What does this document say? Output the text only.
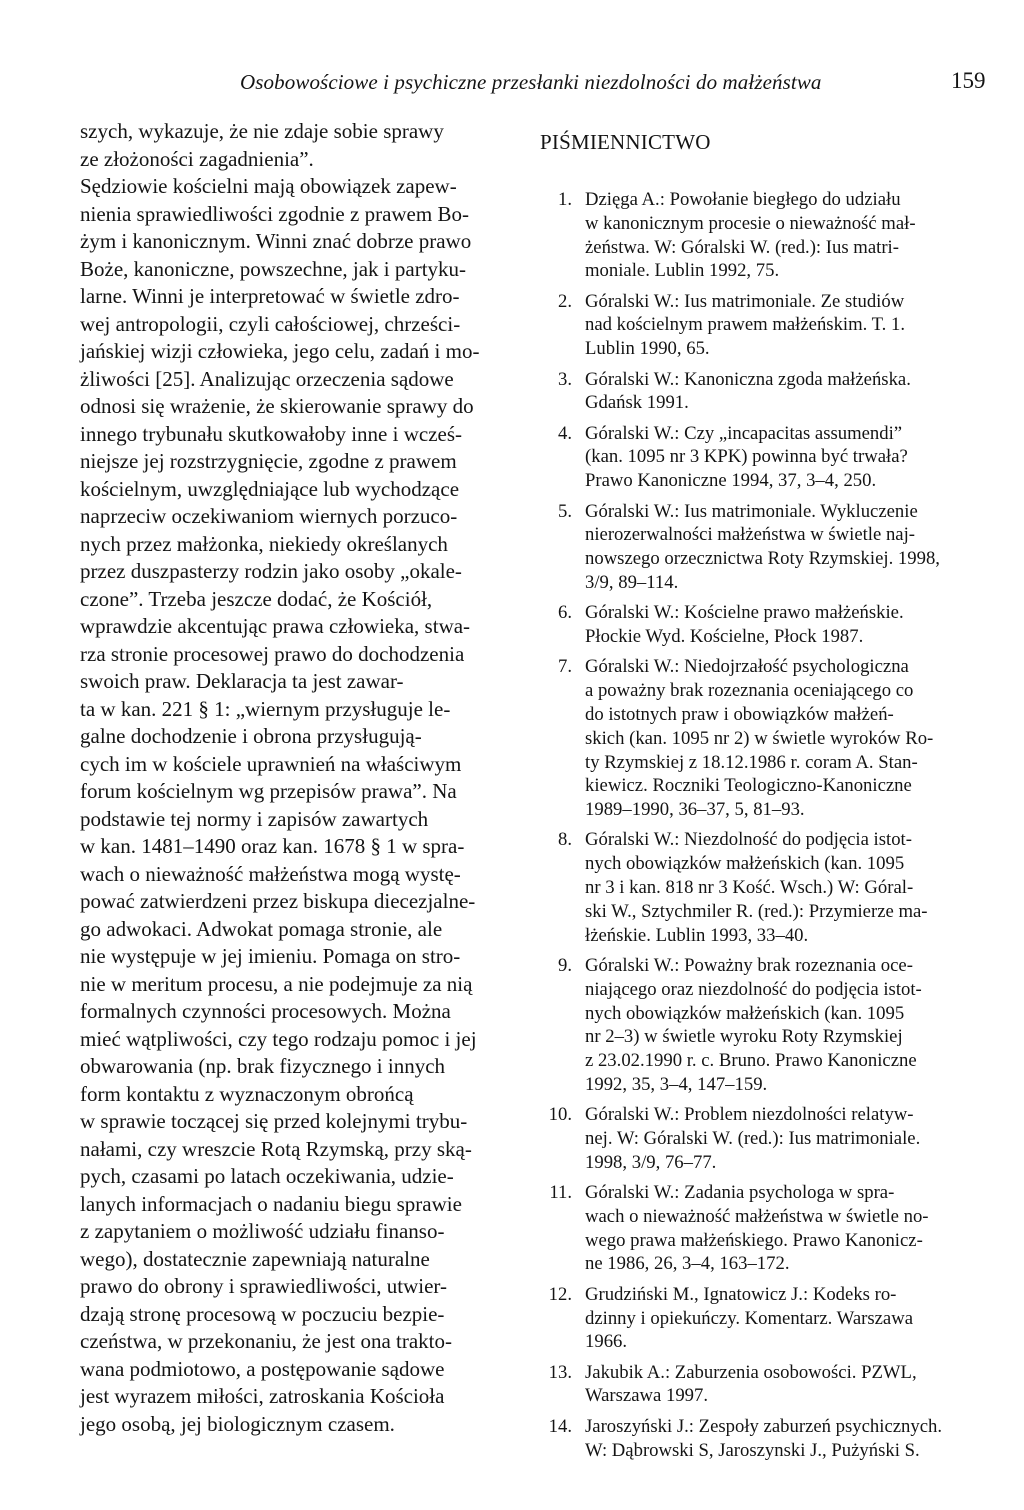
Osobowościowe i psychiczne przesłanki niezdolności do małżeństwa	159
szych, wykazuje, że nie zdaje sobie sprawy
ze złożoności zagadnienia”.
Sędziowie kościelni mają obowiązek zapew-
nienia sprawiedliwości zgodnie z prawem Bo-
żym i kanonicznym. Winni znać dobrze prawo
Boże, kanoniczne, powszechne, jak i partyku-
larne. Winni je interpretować w świetle zdro-
wej antropologii, czyli całościowej, chrześci-
jańskiej wizji człowieka, jego celu, zadań i mo-
żliwości [25]. Analizując orzeczenia sądowe
odnosi się wrażenie, że skierowanie sprawy do
innego trybunału skutkowałoby inne i wcześ-
niejsze jej rozstrzygnięcie, zgodne z prawem
kościelnym, uwzględniające lub wychodzące
naprzeciw oczekiwaniom wiernych porzuco-
nych przez małżonka, niekiedy określanych
przez duszpasterzy rodzin jako osoby „okale-
czone”. Trzeba jeszcze dodać, że Kościół,
wprawdzie akcentując prawa człowieka, stwa-
rza stronie procesowej prawo do dochodzenia
swoich praw. Deklaracja ta jest zawar-
ta w kan. 221 § 1: „wiernym przysługuje le-
galne dochodzenie i obrona przysługują-
cych im w kościele uprawnień na właściwym
forum kościelnym wg przepisów prawa”. Na
podstawie tej normy i zapisów zawartych
w kan. 1481–1490 oraz kan. 1678 § 1 w spra-
wach o nieważność małżeństwa mogą wystę-
pować zatwierdzeni przez biskupa diecezjalne-
go adwokaci. Adwokat pomaga stronie, ale
nie występuje w jej imieniu. Pomaga on stro-
nie w meritum procesu, a nie podejmuje za nią
formalnych czynności procesowych. Można
mieć wątpliwości, czy tego rodzaju pomoc i jej
obwarowania (np. brak fizycznego i innych
form kontaktu z wyznaczonym obrońcą
w sprawie toczącej się przed kolejnymi trybu-
nałami, czy wreszcie Rotą Rzymską, przy ską-
pych, czasami po latach oczekiwania, udzie-
lanych informacjach o nadaniu biegu sprawie
z zapytaniem o możliwość udziału finanso-
wego), dostatecznie zapewniają naturalne
prawo do obrony i sprawiedliwości, utwier-
dzają stronę procesową w poczuciu bezpie-
czeństwa, w przekonaniu, że jest ona trakto-
wana podmiotowo, a postępowanie sądowe
jest wyrazem miłości, zatroskania Kościoła
jego osobą, jej biologicznym czasem.
PIŚMIENNICTWO
1. Dzięga A.: Powołanie biegłego do udziału
w kanonicznym procesie o nieważność mał-
żeństwa. W: Góralski W. (red.): Ius matri-
moniale. Lublin 1992, 75.
2. Góralski W.: Ius matrimoniale. Ze studiów
nad kościelnym prawem małżeńskim. T. 1.
Lublin 1990, 65.
3. Góralski W.: Kanoniczna zgoda małżeńska.
Gdańsk 1991.
4. Góralski W.: Czy „incapacitas assumendi”
(kan. 1095 nr 3 KPK) powinna być trwała?
Prawo Kanoniczne 1994, 37, 3–4, 250.
5. Góralski W.: Ius matrimoniale. Wykluczenie
nierozerwalności małżeństwa w świetle naj-
nowszego orzecznictwa Roty Rzymskiej. 1998,
3/9, 89–114.
6. Góralski W.: Kościelne prawo małżeńskie.
Płockie Wyd. Kościelne, Płock 1987.
7. Góralski W.: Niedojrzałość psychologiczna
a poważny brak rozeznania oceniającego co
do istotnych praw i obowiązków małżeń-
skich (kan. 1095 nr 2) w świetle wyroków Ro-
ty Rzymskiej z 18.12.1986 r. coram A. Stan-
kiewicz. Roczniki Teologiczno-Kanoniczne
1989–1990, 36–37, 5, 81–93.
8. Góralski W.: Niezdolność do podjęcia istot-
nych obowiązków małżeńskich (kan. 1095
nr 3 i kan. 818 nr 3 Kość. Wsch.) W: Góral-
ski W., Sztychmiler R. (red.): Przymierze ma-
łżeńskie. Lublin 1993, 33–40.
9. Góralski W.: Poważny brak rozeznania oce-
niającego oraz niezdolność do podjęcia istot-
nych obowiązków małżeńskich (kan. 1095
nr 2–3) w świetle wyroku Roty Rzymskiej
z 23.02.1990 r. c. Bruno. Prawo Kanoniczne
1992, 35, 3–4, 147–159.
10. Góralski W.: Problem niezdolności relatyw-
nej. W: Góralski W. (red.): Ius matrimoniale.
1998, 3/9, 76–77.
11. Góralski W.: Zadania psychologa w spra-
wach o nieważność małżeństwa w świetle no-
wego prawa małżeńskiego. Prawo Kanonicz-
ne 1986, 26, 3–4, 163–172.
12. Grudziński M., Ignatowicz J.: Kodeks ro-
dzinny i opiekuńczy. Komentarz. Warszawa
1966.
13. Jakubik A.: Zaburzenia osobowości. PZWL,
Warszawa 1997.
14. Jaroszyński J.: Zespoły zaburzeń psychicznych.
W: Dąbrowski S, Jaroszynski J., Pużyński S.
